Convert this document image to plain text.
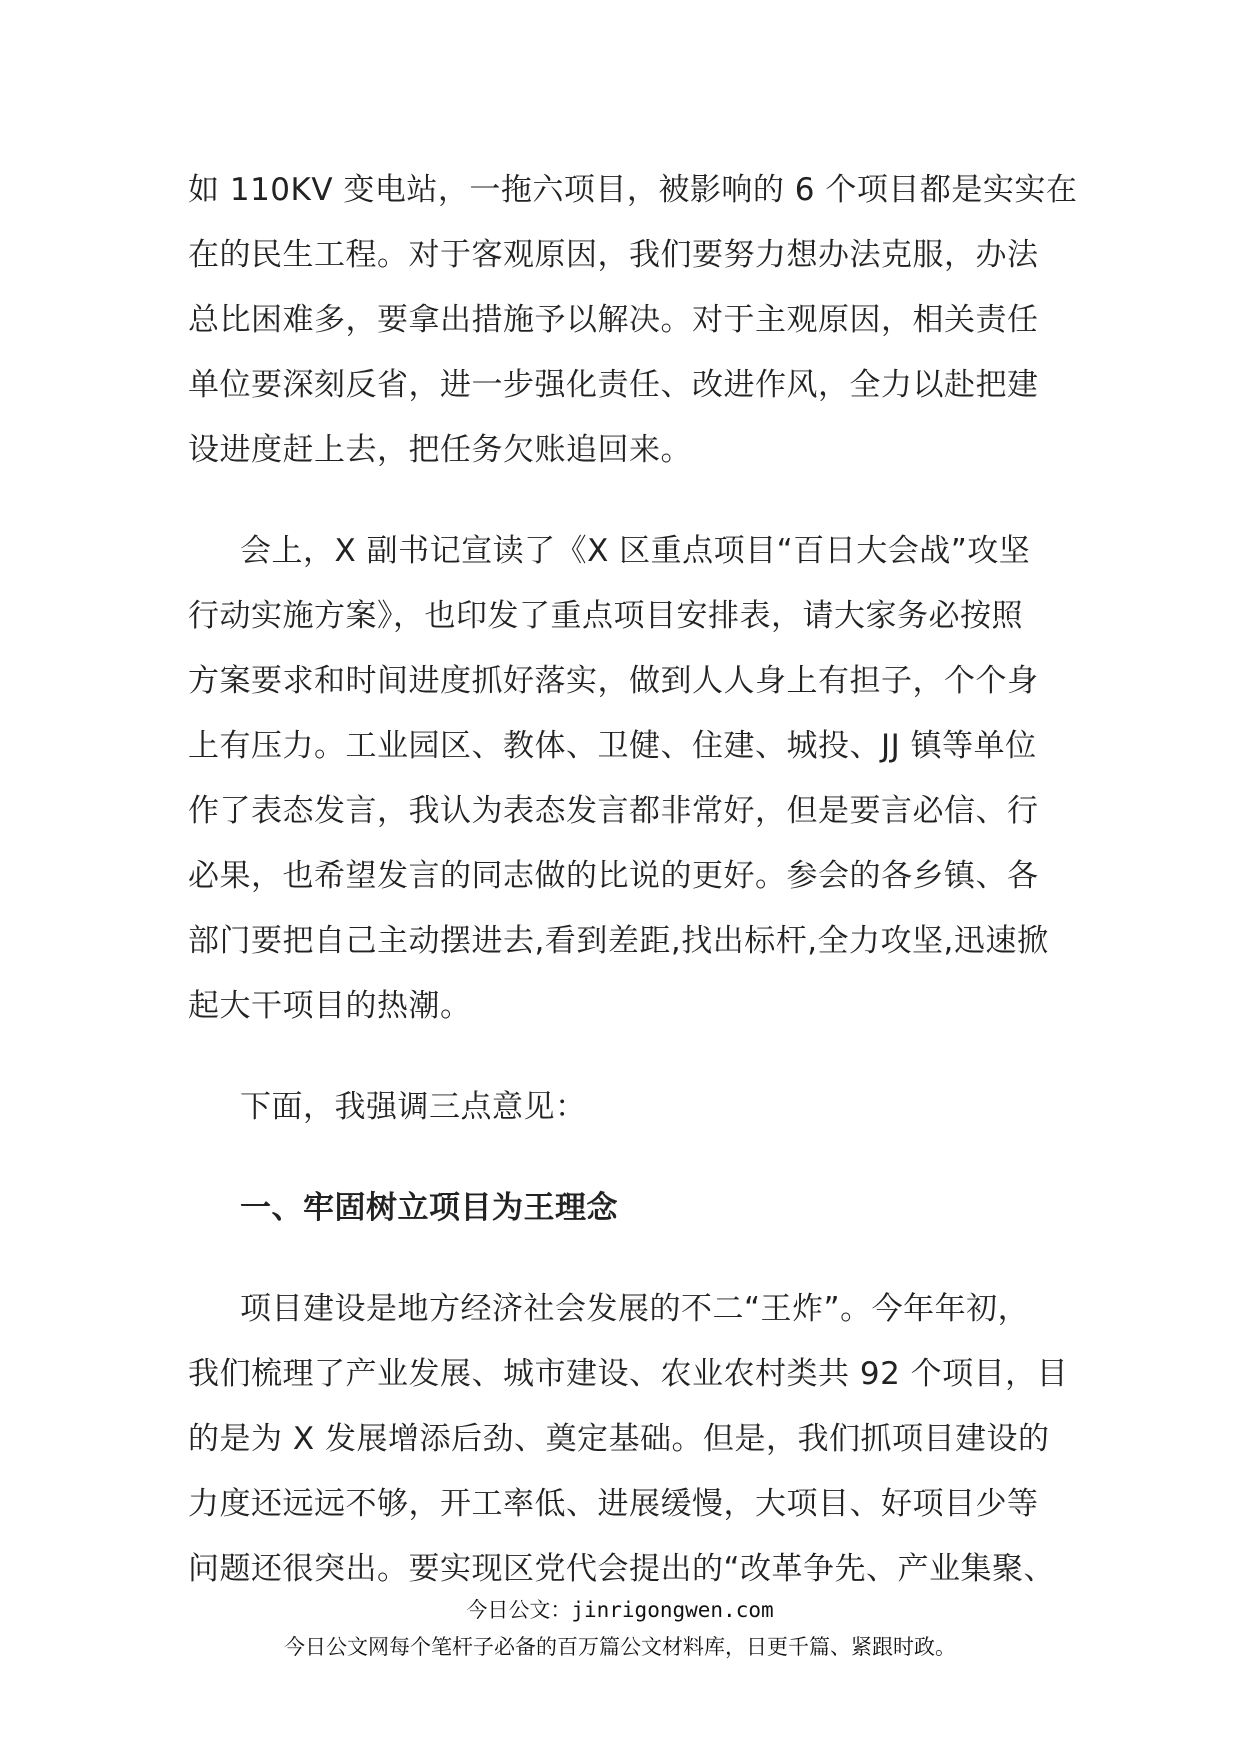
如 110KV 变电站，一拖六项目，被影响的 6 个项目都是实实在
在的民生工程。对于客观原因，我们要努力想办法克服，办法
总比困难多，要拿出措施予以解决。对于主观原因，相关责任
单位要深刻反省，进一步强化责任、改进作风，全力以赴把建
设进度赶上去，把任务欠账追回来。
会上，X 副书记宣读了《X 区重点项目“百日大会战”攻坚
行动实施方案》，也印发了重点项目安排表，请大家务必按照
方案要求和时间进度抓好落实，做到人人身上有担子，个个身
上有压力。工业园区、教体、卫健、住建、城投、JJ 镇等单位
作了表态发言，我认为表态发言都非常好，但是要言必信、行
必果，也希望发言的同志做的比说的更好。参会的各乡镇、各
部门要把自己主动摆进去,看到差距,找出标杆,全力攻坚,迅速掀
起大干项目的热潮。
下面，我强调三点意见：
一、牢固树立项目为王理念
项目建设是地方经济社会发展的不二“王炸”。今年年初，
我们梳理了产业发展、城市建设、农业农村类共 92 个项目，目
的是为 X 发展增添后劲、奠定基础。但是，我们抓项目建设的
力度还远远不够，开工率低、进展缓慢，大项目、好项目少等
问题还很突出。要实现区党代会提出的“改革争先、产业集聚、
今日公文：jinrigongwen.com
今日公文网每个笔杆子必备的百万篇公文材料库，日更千篇、紧跟时政。
